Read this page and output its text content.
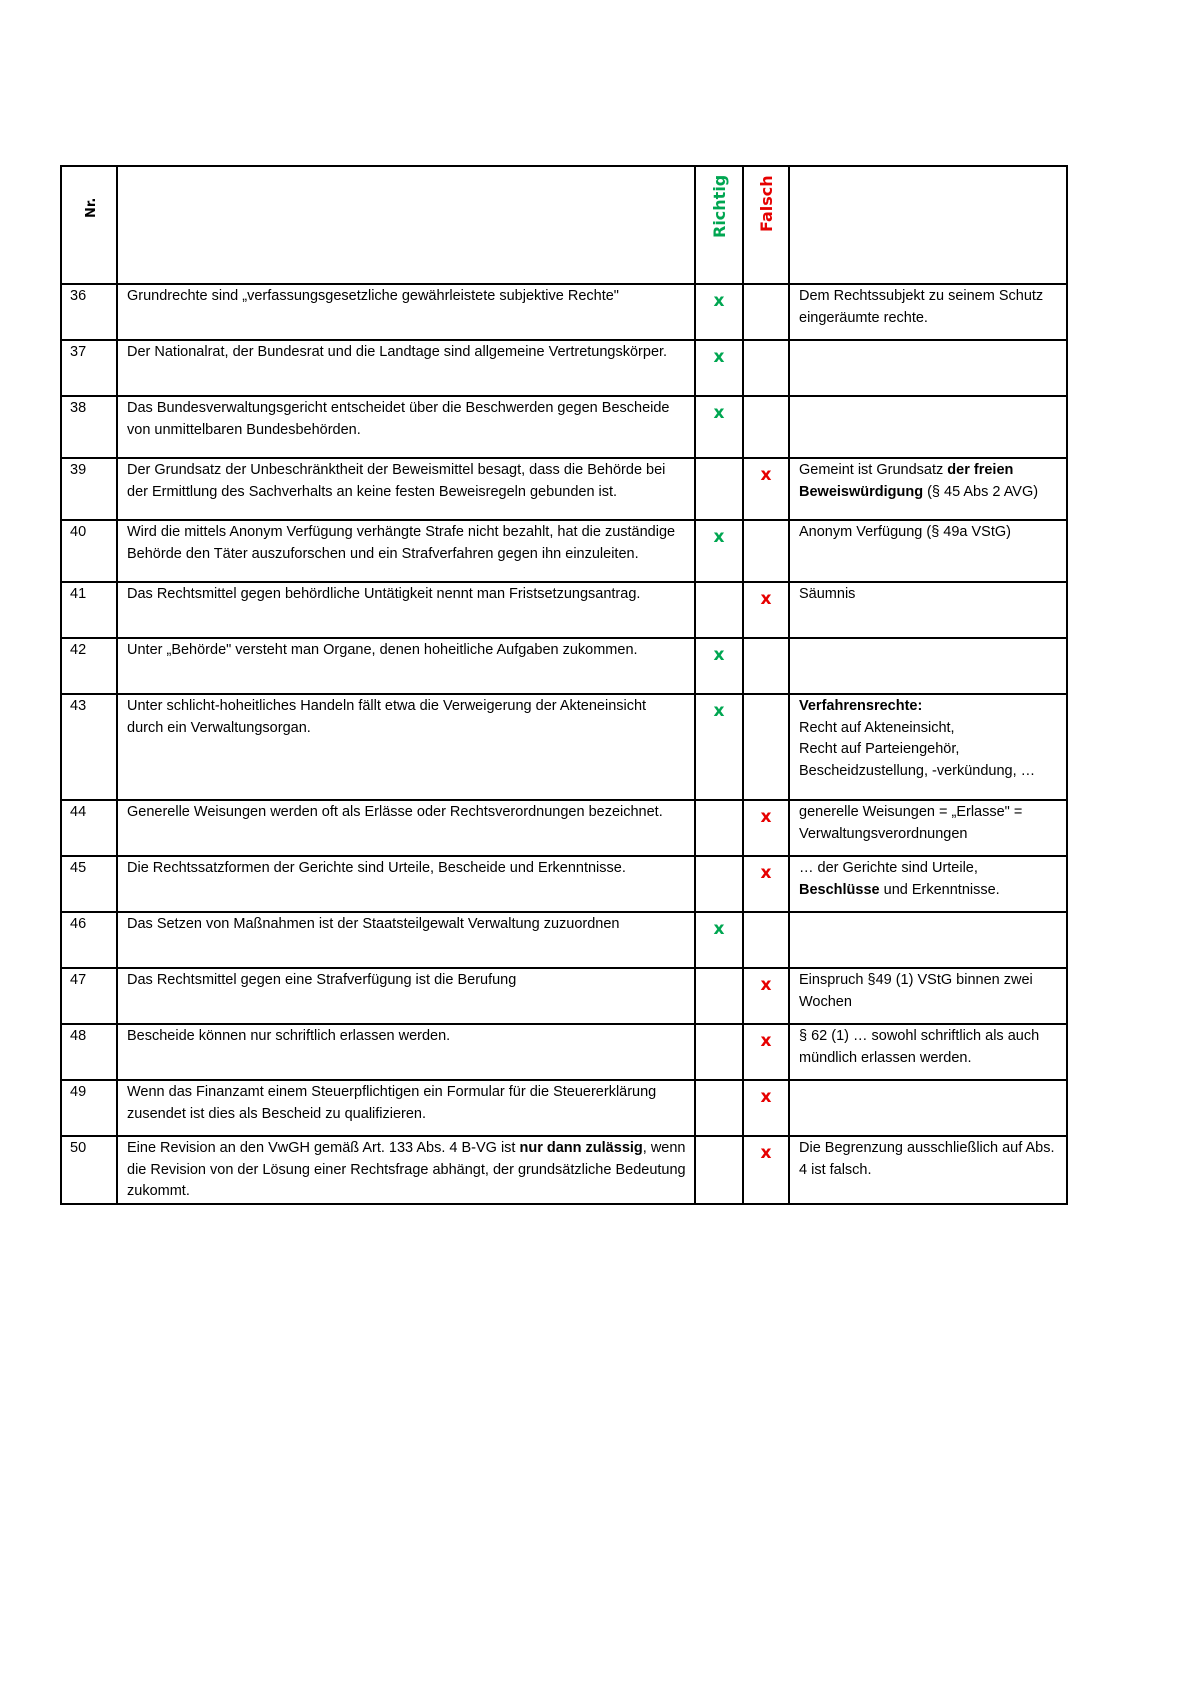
Nr.		Richtig	Falsch	

36	Grundrechte sind „verfassungsgesetzliche gewährleistete subjektive Rechte"	x		Dem Rechtssubjekt zu seinem Schutz eingeräumte rechte.
37	Der Nationalrat, der Bundesrat und die Landtage sind allgemeine Vertretungskörper.	x		
38	Das Bundesverwaltungsgericht entscheidet über die Beschwerden gegen Bescheide von unmittelbaren Bundesbehörden.	x		
39	Der Grundsatz der Unbeschränktheit der Beweismittel besagt, dass die Behörde bei der Ermittlung des Sachverhalts an keine festen Beweisregeln gebunden ist.		x	Gemeint ist Grundsatz der freien Beweiswürdigung (§ 45 Abs 2 AVG)
40	Wird die mittels Anonym Verfügung verhängte Strafe nicht bezahlt, hat die zuständige Behörde den Täter auszuforschen und ein Strafverfahren gegen ihn einzuleiten.	x		Anonym Verfügung (§ 49a VStG)
41	Das Rechtsmittel gegen behördliche Untätigkeit nennt man Fristsetzungsantrag.		x	Säumnis
42	Unter „Behörde" versteht man Organe, denen hoheitliche Aufgaben zukommen.	x		
43	Unter schlicht-hoheitliches Handeln fällt etwa die Verweigerung der Akteneinsicht durch ein Verwaltungsorgan.	x		Verfahrensrechte:
Recht auf Akteneinsicht,
Recht auf Parteiengehör,
Bescheidzustellung, -verkündung, …
44	Generelle Weisungen werden oft als Erlässe oder Rechtsverordnungen bezeichnet.		x	generelle Weisungen = „Erlasse" = Verwaltungsverordnungen
45	Die Rechtssatzformen der Gerichte sind Urteile, Bescheide und Erkenntnisse.		x	… der Gerichte sind Urteile, Beschlüsse und Erkenntnisse.
46	Das Setzen von Maßnahmen ist der Staatsteilgewalt Verwaltung zuzuordnen	x		
47	Das Rechtsmittel gegen eine Strafverfügung ist die Berufung		x	Einspruch §49 (1) VStG binnen zwei Wochen
48	Bescheide können nur schriftlich erlassen werden.		x	§ 62 (1) … sowohl schriftlich als auch mündlich erlassen werden.
49	Wenn das Finanzamt einem Steuerpflichtigen ein Formular für die Steuererklärung zusendet ist dies als Bescheid zu qualifizieren.		x	
50	Eine Revision an den VwGH gemäß Art. 133 Abs. 4 B-VG ist nur dann zulässig, wenn die Revision von der Lösung einer Rechtsfrage abhängt, der grundsätzliche Bedeutung zukommt.		x	Die Begrenzung ausschließlich auf Abs. 4 ist falsch.
